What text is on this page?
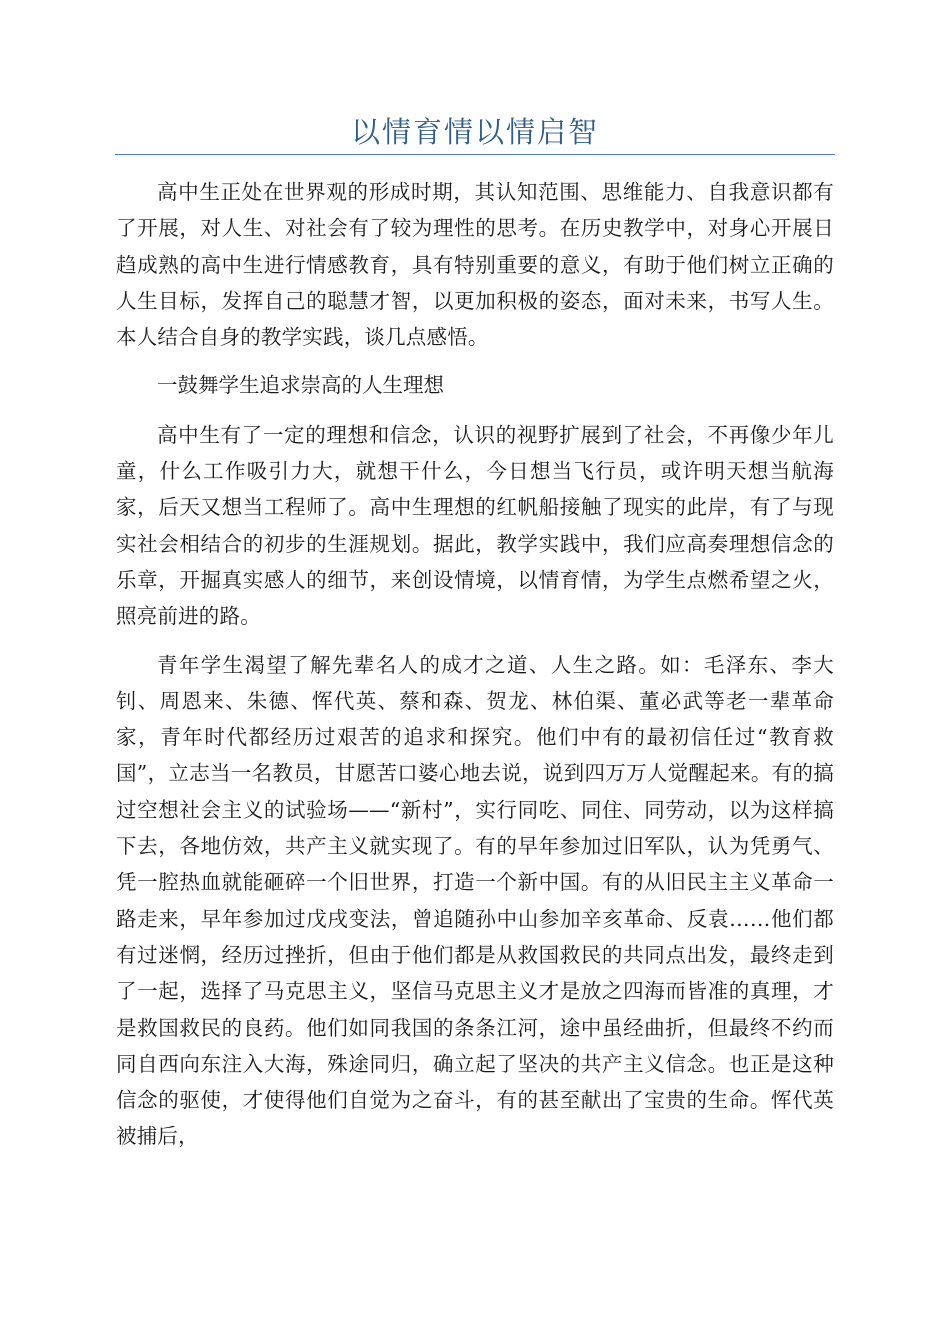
以情育情以情启智

高中生正处在世界观的形成时期，其认知范围、思维能力、自我意识都有了开展，对人生、对社会有了较为理性的思考。在历史教学中，对身心开展日趋成熟的高中生进行情感教育，具有特别重要的意义，有助于他们树立正确的人生目标，发挥自己的聪慧才智，以更加积极的姿态，面对未来，书写人生。本人结合自身的教学实践，谈几点感悟。

一鼓舞学生追求崇高的人生理想

高中生有了一定的理想和信念，认识的视野扩展到了社会，不再像少年儿童，什么工作吸引力大，就想干什么，今日想当飞行员，或许明天想当航海家，后天又想当工程师了。高中生理想的红帆船接触了现实的此岸，有了与现实社会相结合的初步的生涯规划。据此，教学实践中，我们应高奏理想信念的乐章，开掘真实感人的细节，来创设情境，以情育情，为学生点燃希望之火，照亮前进的路。

青年学生渴望了解先辈名人的成才之道、人生之路。如：毛泽东、李大钊、周恩来、朱德、恽代英、蔡和森、贺龙、林伯渠、董必武等老一辈革命家，青年时代都经历过艰苦的追求和探究。他们中有的最初信任过“教育救国”，立志当一名教员，甘愿苦口婆心地去说，说到四万万人觉醒起来。有的搞过空想社会主义的试验场——“新村”，实行同吃、同住、同劳动，以为这样搞下去，各地仿效，共产主义就实现了。有的早年参加过旧军队，认为凭勇气、凭一腔热血就能砸碎一个旧世界，打造一个新中国。有的从旧民主主义革命一路走来，早年参加过戊戌变法，曾追随孙中山参加辛亥革命、反袁……他们都有过迷惘，经历过挫折，但由于他们都是从救国救民的共同点出发，最终走到了一起，选择了马克思主义，坚信马克思主义才是放之四海而皆准的真理，才是救国救民的良药。他们如同我国的条条江河，途中虽经曲折，但最终不约而同自西向东注入大海，殊途同归，确立起了坚决的共产主义信念。也正是这种信念的驱使，才使得他们自觉为之奋斗，有的甚至献出了宝贵的生命。恽代英被捕后，
